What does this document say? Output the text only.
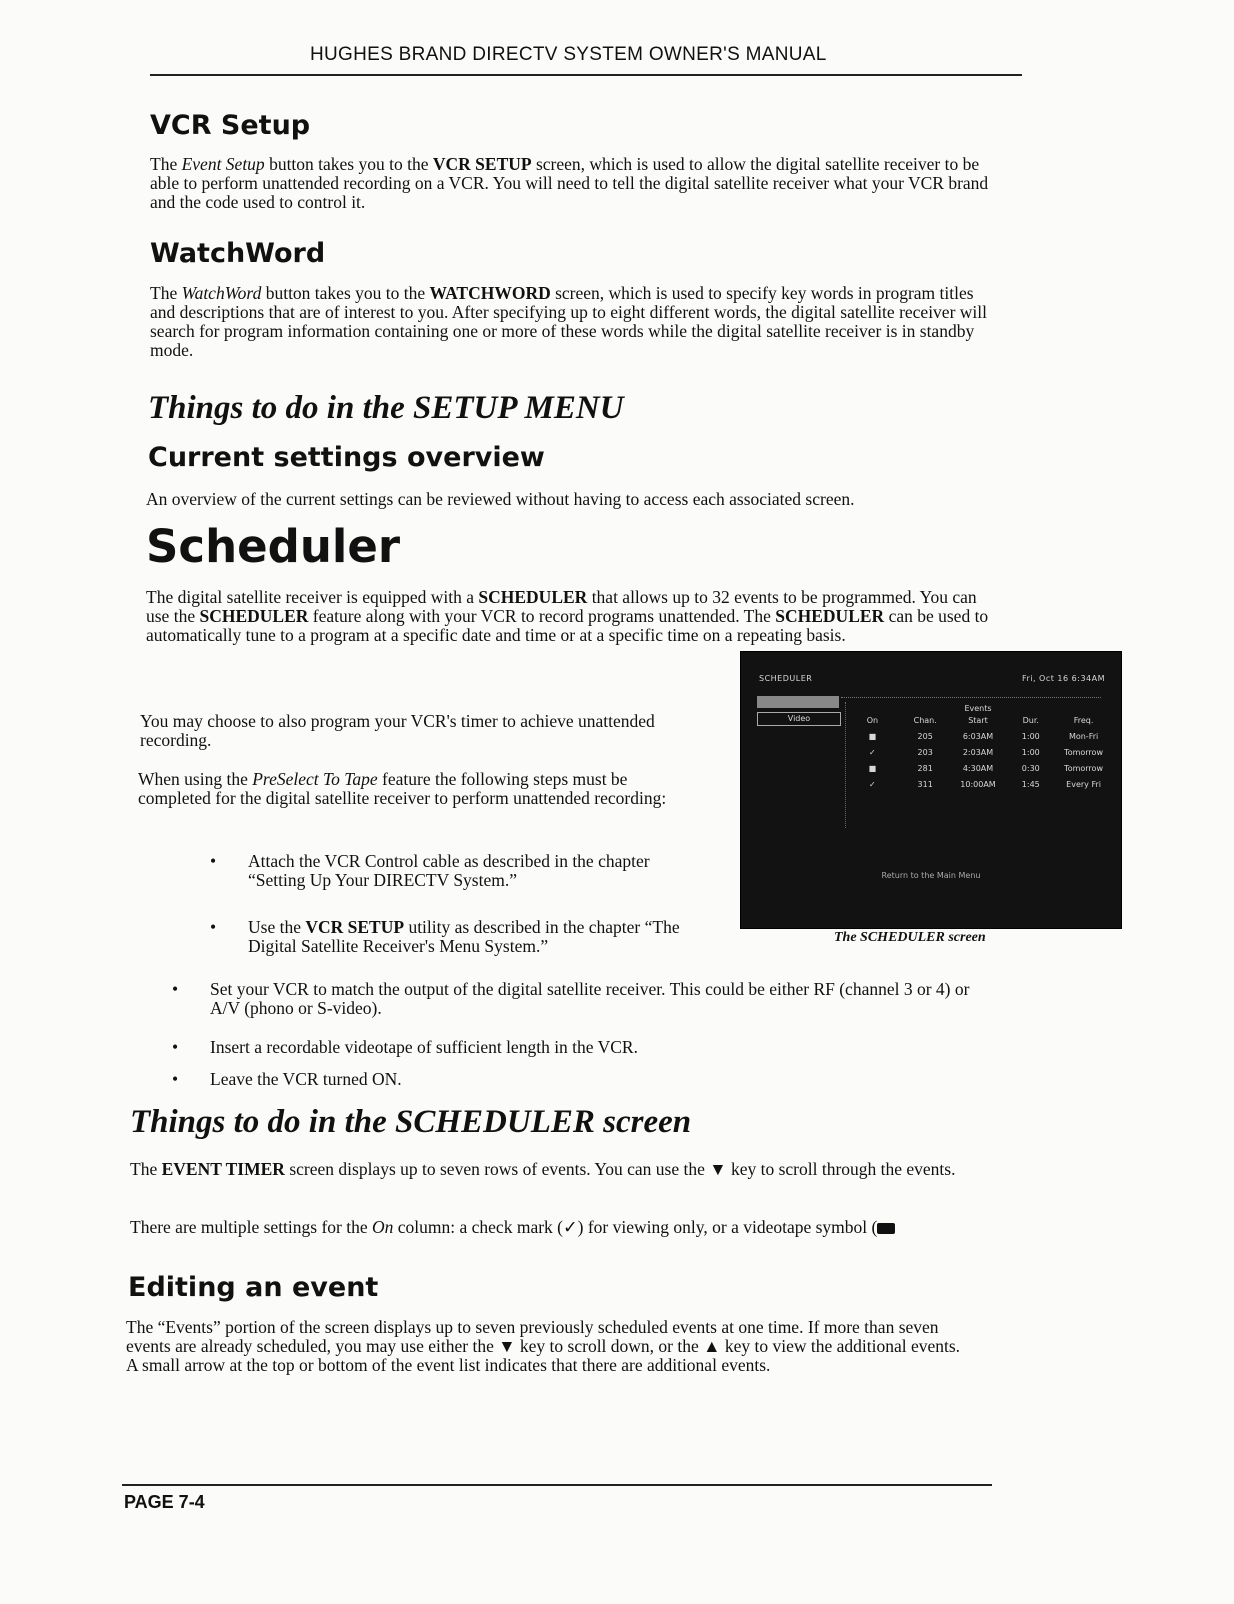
HUGHES BRAND DIRECTV SYSTEM OWNER'S MANUAL
VCR Setup

The Event Setup button takes you to the VCR SETUP screen, which is used to allow the digital satellite receiver to be able to perform unattended recording on a VCR. You will need to tell the digital satellite receiver what your VCR brand and the code used to control it.

WatchWord

The WatchWord button takes you to the WATCHWORD screen, which is used to specify key words in program titles and descriptions that are of interest to you. After specifying up to eight different words, the digital satellite receiver will search for program information containing one or more of these words while the digital satellite receiver is in standby mode.

Things to do in the SETUP MENU
Current settings overview

An overview of the current settings can be reviewed without having to access each associated screen.

Scheduler

The digital satellite receiver is equipped with a SCHEDULER that allows up to 32 events to be programmed. You can use the SCHEDULER feature along with your VCR to record programs unattended. The SCHEDULER can be used to automatically tune to a program at a specific date and time or at a specific time on a repeating basis.

You may choose to also program your VCR's timer to achieve unattended recording.

When using the PreSelect To Tape feature the following steps must be completed for the digital satellite receiver to perform unattended recording:

• Attach the VCR Control cable as described in the chapter “Setting Up Your DIRECTV System.”
• Use the VCR SETUP utility as described in the chapter “The Digital Satellite Receiver's Menu System.”
• Set your VCR to match the output of the digital satellite receiver. This could be either RF (channel 3 or 4) or A/V (phono or S-video).
• Insert a recordable videotape of sufficient length in the VCR.
• Leave the VCR turned ON.
SCHEDULER	Fri, Oct 16 6:34AM
Video
Events
On	Chan.	Start	Dur.	Freq.
■	205	6:03AM	1:00	Mon-Fri
✓	203	2:03AM	1:00	Tomorrow
■	281	4:30AM	0:30	Tomorrow
✓	311	10:00AM	1:45	Every Fri
Return to the Main Menu
The SCHEDULER screen
Things to do in the SCHEDULER screen

The EVENT TIMER screen displays up to seven rows of events. You can use the ▼ key to scroll through the events.

There are multiple settings for the On column: a check mark (✓) for viewing only, or a videotape symbol (

Editing an event

The “Events” portion of the screen displays up to seven previously scheduled events at one time. If more than seven events are already scheduled, you may use either the ▼ key to scroll down, or the ▲ key to view the additional events. A small arrow at the top or bottom of the event list indicates that there are additional events.

PAGE 7-4
